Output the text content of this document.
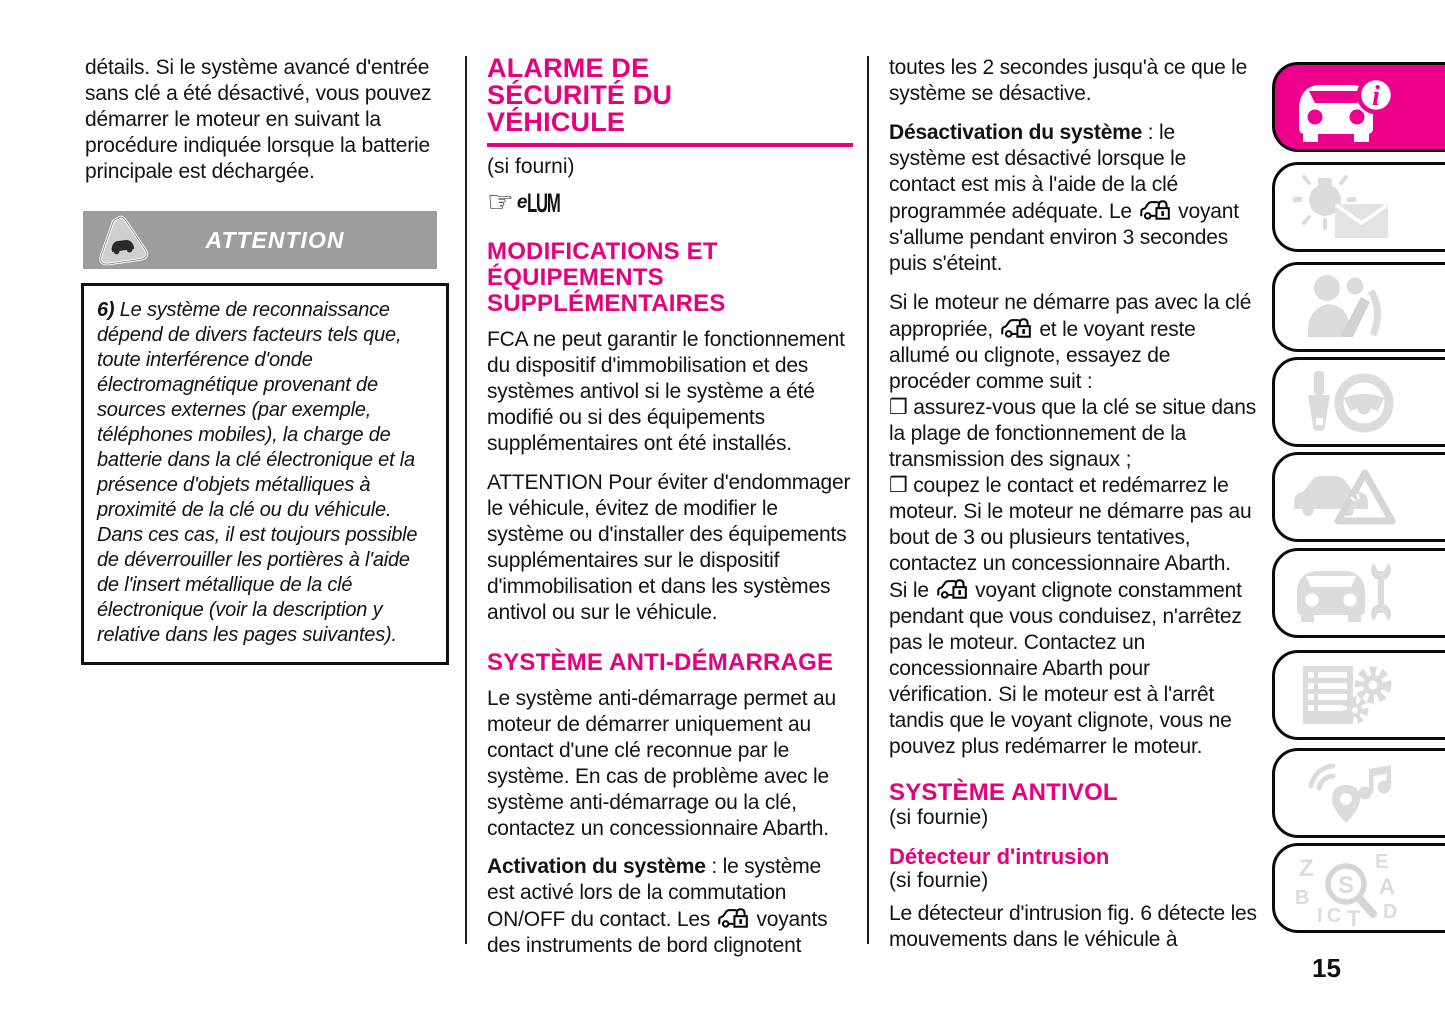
détails. Si le système avancé d'entrée sans clé a été désactivé, vous pouvez démarrer le moteur en suivant la procédure indiquée lorsque la batterie principale est déchargée.

ATTENTION

6) Le système de reconnaissance dépend de divers facteurs tels que, toute interférence d'onde électromagnétique provenant de sources externes (par exemple, téléphones mobiles), la charge de batterie dans la clé électronique et la présence d'objets métalliques à proximité de la clé ou du véhicule. Dans ces cas, il est toujours possible de déverrouiller les portières à l'aide de l'insert métallique de la clé électronique (voir la description y relative dans les pages suivantes).

ALARME DE SÉCURITÉ DU VÉHICULE

(si fourni)

☞ e LUM
MODIFICATIONS ET ÉQUIPEMENTS SUPPLÉMENTAIRES

FCA ne peut garantir le fonctionnement du dispositif d'immobilisation et des systèmes antivol si le système a été modifié ou si des équipements supplémentaires ont été installés.

ATTENTION Pour éviter d'endommager le véhicule, évitez de modifier le système ou d'installer des équipements supplémentaires sur le dispositif d'immobilisation et dans les systèmes antivol ou sur le véhicule.

SYSTÈME ANTI-DÉMARRAGE

Le système anti-démarrage permet au moteur de démarrer uniquement au contact d'une clé reconnue par le système. En cas de problème avec le système anti-démarrage ou la clé, contactez un concessionnaire Abarth.

Activation du système : le système est activé lors de la commutation ON/OFF du contact. Les  voyants des instruments de bord clignotent

toutes les 2 secondes jusqu'à ce que le système se désactive.

Désactivation du système : le système est désactivé lorsque le contact est mis à l'aide de la clé programmée adéquate. Le  voyant s'allume pendant environ 3 secondes puis s'éteint.

Si le moteur ne démarre pas avec la clé appropriée,  et le voyant reste allumé ou clignote, essayez de procéder comme suit :

❒ assurez-vous que la clé se situe dans la plage de fonctionnement de la transmission des signaux ;

❒ coupez le contact et redémarrez le moteur. Si le moteur ne démarre pas au bout de 3 ou plusieurs tentatives, contactez un concessionnaire Abarth.

Si le  voyant clignote constamment pendant que vous conduisez, n'arrêtez pas le moteur. Contactez un concessionnaire Abarth pour vérification. Si le moteur est à l'arrêt tandis que le voyant clignote, vous ne pouvez plus redémarrer le moteur.

SYSTÈME ANTIVOL

(si fournie)

Détecteur d'intrusion

(si fournie)

Le détecteur d'intrusion fig. 6 détecte les mouvements dans le véhicule à

i
Z	E
B	A
I C T D
S
15
